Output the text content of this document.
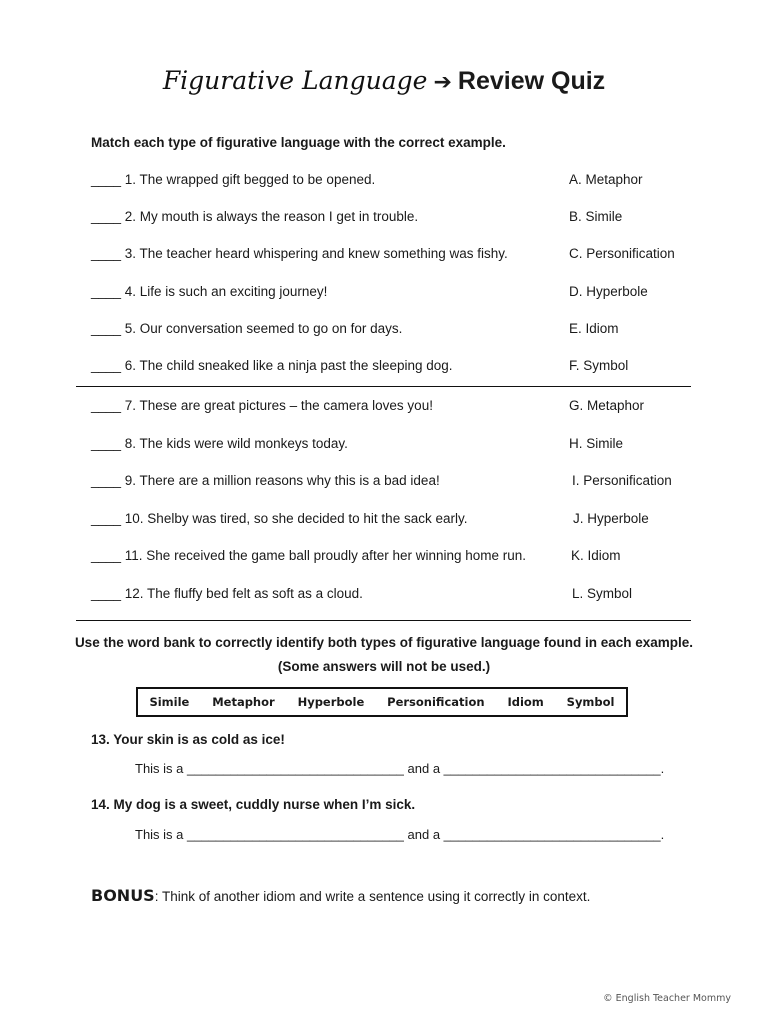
Figurative Language ➔ Review Quiz
Match each type of figurative language with the correct example.
____ 1. The wrapped gift begged to be opened.	A. Metaphor
____ 2. My mouth is always the reason I get in trouble.	B. Simile
____ 3. The teacher heard whispering and knew something was fishy.	C. Personification
____ 4. Life is such an exciting journey!	D. Hyperbole
____ 5. Our conversation seemed to go on for days.	E. Idiom
____ 6. The child sneaked like a ninja past the sleeping dog.	F. Symbol
____ 7. These are great pictures – the camera loves you!	G. Metaphor
____ 8. The kids were wild monkeys today.	H. Simile
____ 9. There are a million reasons why this is a bad idea!	I. Personification
____ 10. Shelby was tired, so she decided to hit the sack early.	J. Hyperbole
____ 11. She received the game ball proudly after her winning home run.	K. Idiom
____ 12. The fluffy bed felt as soft as a cloud.	L. Symbol
Use the word bank to correctly identify both types of figurative language found in each example.
(Some answers will not be used.)
Simile Metaphor Hyperbole Personification Idiom Symbol
13. Your skin is as cold as ice!
This is a ______________________________ and a ______________________________.
14. My dog is a sweet, cuddly nurse when I’m sick.
This is a ______________________________ and a ______________________________.
BONUS: Think of another idiom and write a sentence using it correctly in context.
© English Teacher Mommy
